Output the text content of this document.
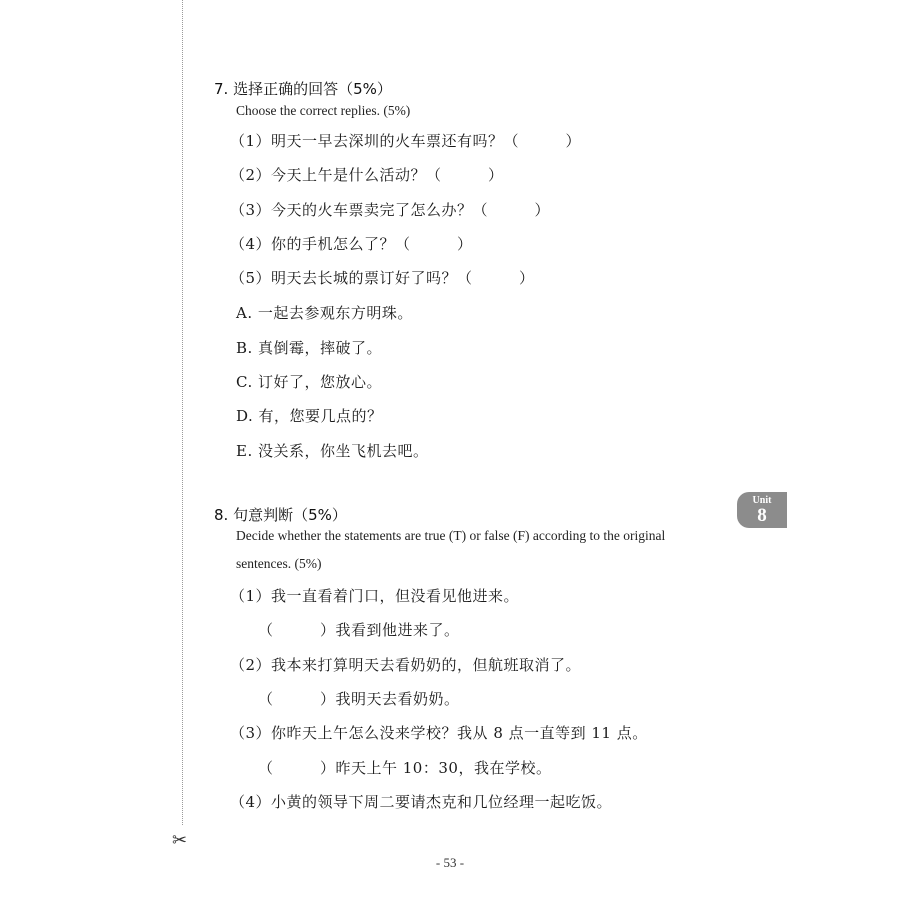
✂
7. 选择正确的回答（5%）
Choose the correct replies. (5%)
（1）明天一早去深圳的火车票还有吗？（　　　）
（2）今天上午是什么活动？（　　　）
（3）今天的火车票卖完了怎么办？（　　　）
（4）你的手机怎么了？（　　　）
（5）明天去长城的票订好了吗？（　　　）
A. 一起去参观东方明珠。
B. 真倒霉，摔破了。
C. 订好了，您放心。
D. 有，您要几点的？
E. 没关系，你坐飞机去吧。
8. 句意判断（5%）
Decide whether the statements are true (T) or false (F) according to the original
sentences. (5%)
（1）我一直看着门口，但没看见他进来。
（　　　）我看到他进来了。
（2）我本来打算明天去看奶奶的，但航班取消了。
（　　　）我明天去看奶奶。
（3）你昨天上午怎么没来学校？我从 8 点一直等到 11 点。
（　　　）昨天上午 10：30，我在学校。
（4）小黄的领导下周二要请杰克和几位经理一起吃饭。
Unit
8
- 53 -
